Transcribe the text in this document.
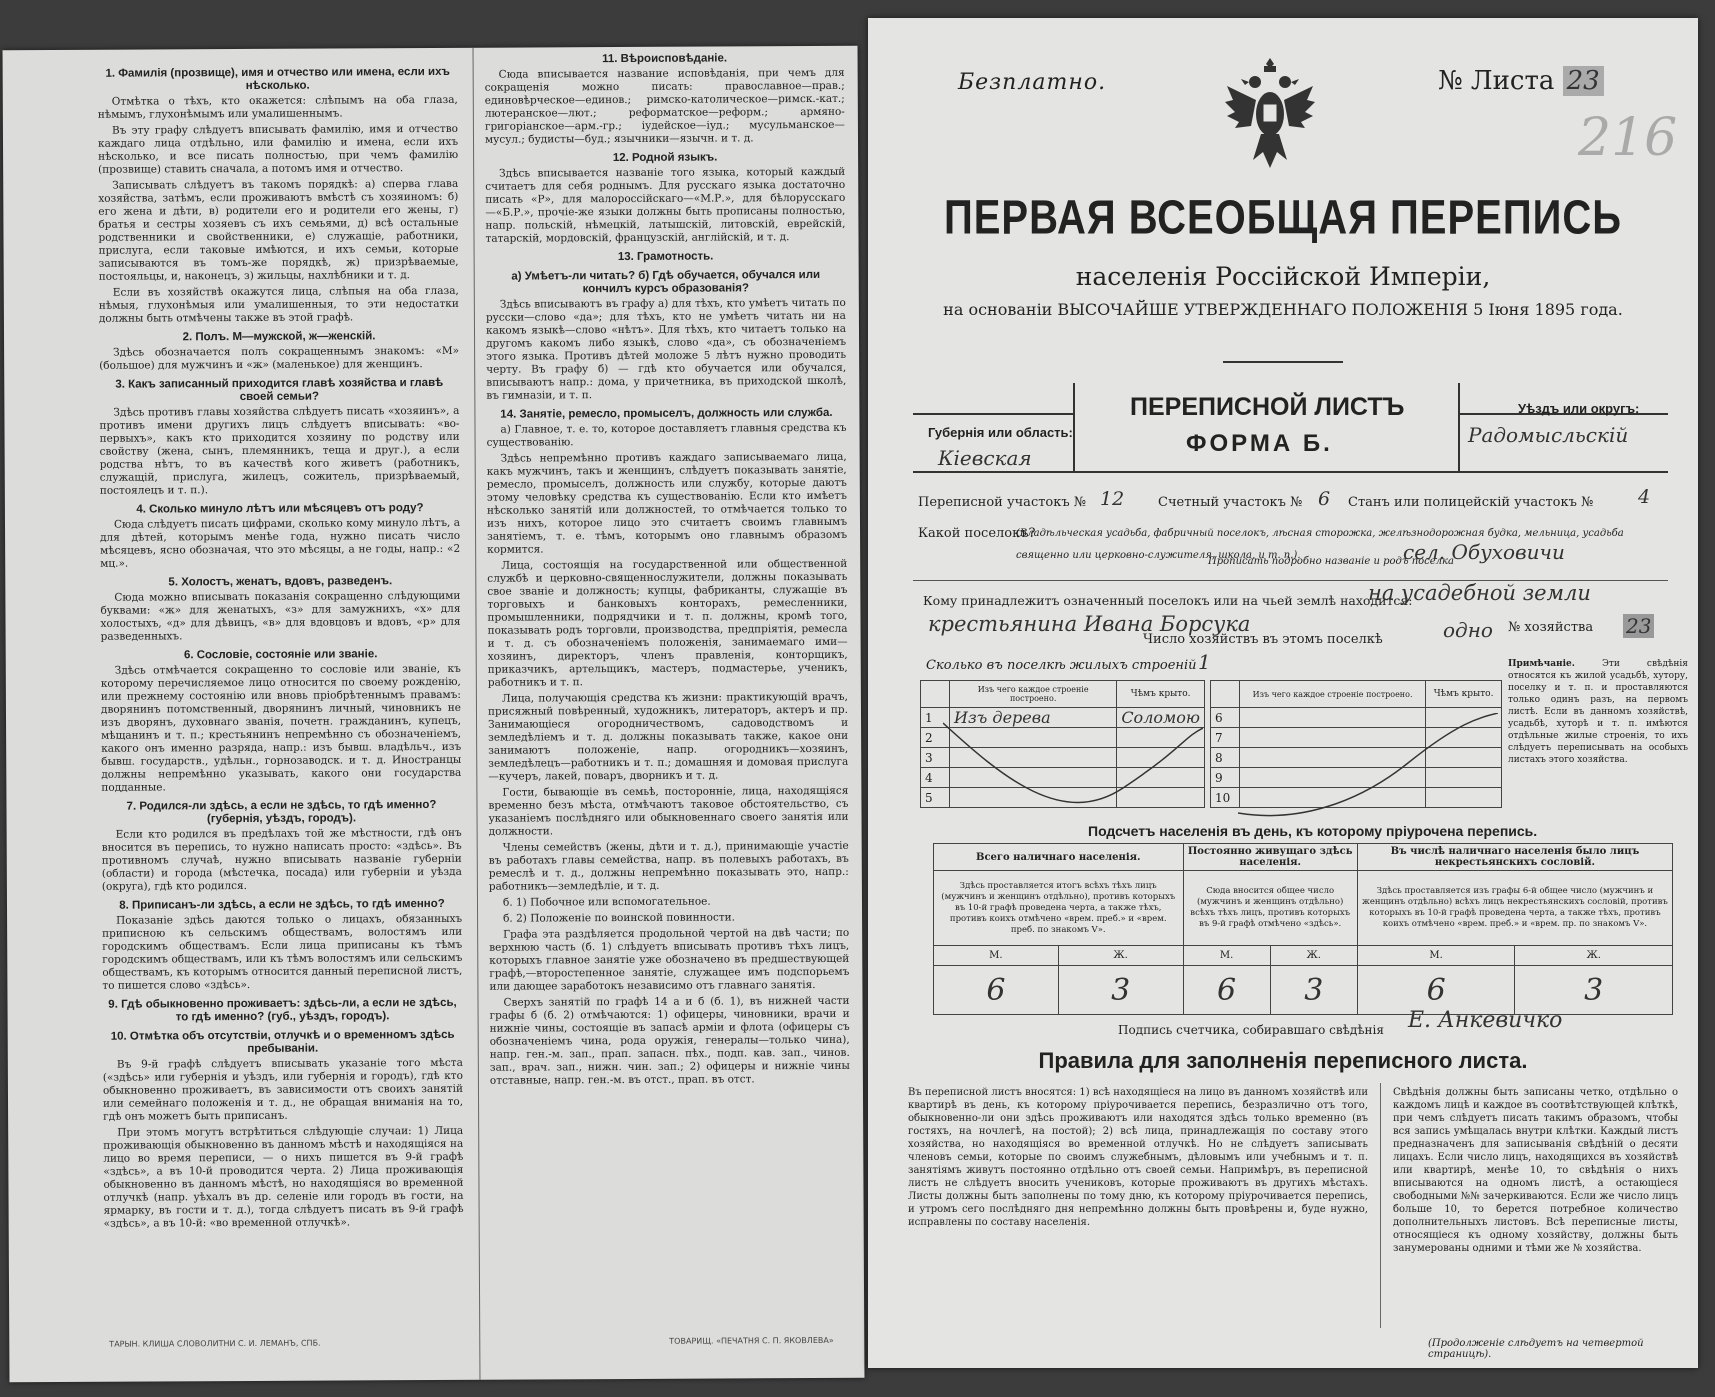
1. Фамилія (прозвище), имя и отчество или имена, если ихъ нѣсколько.

Отмѣтка о тѣхъ, кто окажется: слѣпымъ на оба глаза, нѣмымъ, глухонѣмымъ или умалишеннымъ.

Въ эту графу слѣдуетъ вписывать фамилію, имя и отчество каждаго лица отдѣльно, или фамилію и имена, если ихъ нѣсколько, и все писать полностью, при чемъ фамилію (прозвище) ставить сначала, а потомъ имя и отчество.

Записывать слѣдуетъ въ такомъ порядкѣ: а) сперва глава хозяйства, затѣмъ, если проживаютъ вмѣстѣ съ хозяиномъ: б) его жена и дѣти, в) родители его и родители его жены, г) братья и сестры хозяевъ съ ихъ семьями, д) всѣ остальные родственники и свойственники, е) служащіе, работники, прислуга, если таковые имѣются, и ихъ семьи, которые записываются въ томъ-же порядкѣ, ж) призрѣваемые, постояльцы, и, наконецъ, з) жильцы, нахлѣбники и т. д.

Если въ хозяйствѣ окажутся лица, слѣпыя на оба глаза, нѣмыя, глухонѣмыя или умалишенныя, то эти недостатки должны быть отмѣчены также въ этой графѣ.

2. Полъ. М—мужской, ж—женскій.

Здѣсь обозначается полъ сокращеннымъ знакомъ: «М» (большое) для мужчинъ и «ж» (маленькое) для женщинъ.

3. Какъ записанный приходится главѣ хозяйства и главѣ своей семьи?

Здѣсь противъ главы хозяйства слѣдуетъ писать «хозяинъ», а противъ имени другихъ лицъ слѣдуетъ вписывать: «во-первыхъ», какъ кто приходится хозяину по родству или свойству (жена, сынъ, племянникъ, теща и друг.), а если родства нѣтъ, то въ качествѣ кого живетъ (работникъ, служащій, прислуга, жилецъ, сожитель, призрѣваемый, постоялецъ и т. п.).

4. Сколько минуло лѣтъ или мѣсяцевъ отъ роду?

Сюда слѣдуетъ писать цифрами, сколько кому минуло лѣтъ, а для дѣтей, которымъ менѣе года, нужно писать число мѣсяцевъ, ясно обозначая, что это мѣсяцы, а не годы, напр.: «2 мц.».

5. Холостъ, женатъ, вдовъ, разведенъ.

Сюда можно вписывать показанія сокращенно слѣдующими буквами: «ж» для женатыхъ, «з» для замужнихъ, «х» для холостыхъ, «д» для дѣвицъ, «в» для вдовцовъ и вдовъ, «р» для разведенныхъ.

6. Сословіе, состояніе или званіе.

Здѣсь отмѣчается сокращенно то сословіе или званіе, къ которому перечисляемое лицо относится по своему рожденію, или прежнему состоянію или вновь пріобрѣтеннымъ правамъ: дворянинъ потомственный, дворянинъ личный, чиновникъ не изъ дворянъ, духовнаго званія, почетн. гражданинъ, купецъ, мѣщанинъ и т. п.; крестьянинъ непремѣнно съ обозначеніемъ, какого онъ именно разряда, напр.: изъ бывш. владѣльч., изъ бывш. государств., удѣльн., горнозаводск. и т. д. Иностранцы должны непремѣнно указывать, какого они государства подданные.

7. Родился-ли здѣсь, а если не здѣсь, то гдѣ именно? (губернія, уѣздъ, городъ).

Если кто родился въ предѣлахъ той же мѣстности, гдѣ онъ вносится въ перепись, то нужно написать просто: «здѣсь». Въ противномъ случаѣ, нужно вписывать названіе губерніи (области) и города (мѣстечка, посада) или губерніи и уѣзда (округа), гдѣ кто родился.

8. Приписанъ-ли здѣсь, а если не здѣсь, то гдѣ именно?

Показаніе здѣсь даются только о лицахъ, обязанныхъ приписною къ сельскимъ обществамъ, волостямъ или городскимъ обществамъ. Если лица приписаны къ тѣмъ городскимъ обществамъ, или къ тѣмъ волостямъ или сельскимъ обществамъ, къ которымъ относится данный переписной листъ, то пишется слово «здѣсь».

9. Гдѣ обыкновенно проживаетъ: здѣсь-ли, а если не здѣсь, то гдѣ именно? (губ., уѣздъ, городъ).
10. Отмѣтка объ отсутствіи, отлучкѣ и о временномъ здѣсь пребываніи.

Въ 9-й графѣ слѣдуетъ вписывать указаніе того мѣста («здѣсь» или губернія и уѣздъ, или губернія и городъ), гдѣ кто обыкновенно проживаетъ, въ зависимости отъ своихъ занятій или семейнаго положенія и т. д., не обращая вниманія на то, гдѣ онъ можетъ быть приписанъ.

При этомъ могутъ встрѣтиться слѣдующіе случаи: 1) Лица проживающія обыкновенно въ данномъ мѣстѣ и находящіяся на лицо во время переписи, — о нихъ пишется въ 9-й графѣ «здѣсь», а въ 10-й проводится черта. 2) Лица проживающія обыкновенно въ данномъ мѣстѣ, но находящіяся во временной отлучкѣ (напр. уѣхалъ въ др. селеніе или городъ въ гости, на ярмарку, въ гости и т. д.), тогда слѣдуетъ писать въ 9-й графѣ «здѣсь», а въ 10-й: «во временной отлучкѣ».

11. Вѣроисповѣданіе.

Сюда вписывается название исповѣданія, при чемъ для сокращенія можно писать: православное—прав.; единовѣрческое—единов.; римско-католическое—римск.-кат.; лютеранское—лют.; реформатское—реформ.; армяно-григоріанское—арм.-гр.; іудейское—іуд.; мусульманское—мусул.; будисты—буд.; язычники—язычн. и т. д.

12. Родной языкъ.

Здѣсь вписывается названіе того языка, который каждый считаетъ для себя роднымъ. Для русскаго языка достаточно писать «Р», для малороссійскаго—«М.Р.», для бѣлорусскаго—«Б.Р.», прочіе-же языки должны быть прописаны полностью, напр. польскій, нѣмецкій, латышскій, литовскій, еврейскій, татарскій, мордовскій, французскій, англійскій, и т. д.

13. Грамотность.
а) Умѣетъ-ли читать? б) Гдѣ обучается, обучался или кончилъ курсъ образованія?

Здѣсь вписываютъ въ графу а) для тѣхъ, кто умѣетъ читать по русски—слово «да»; для тѣхъ, кто не умѣетъ читать ни на какомъ языкѣ—слово «нѣтъ». Для тѣхъ, кто читаетъ только на другомъ какомъ либо языкѣ, слово «да», съ обозначеніемъ этого языка. Противъ дѣтей моложе 5 лѣтъ нужно проводить черту. Въ графу б) — гдѣ кто обучается или обучался, вписываютъ напр.: дома, у причетника, въ приходской школѣ, въ гимназіи, и т. п.

14. Занятіе, ремесло, промыселъ, должность или служба.

а) Главное, т. е. то, которое доставляетъ главныя средства къ существованію.

Здѣсь непремѣнно противъ каждаго записываемаго лица, какъ мужчинъ, такъ и женщинъ, слѣдуетъ показывать занятіе, ремесло, промыселъ, должность или службу, которые даютъ этому человѣку средства къ существованію. Если кто имѣетъ нѣсколько занятій или должностей, то отмѣчается только то изъ нихъ, которое лицо это считаетъ своимъ главнымъ занятіемъ, т. е. тѣмъ, которымъ оно главнымъ образомъ кормится.

Лица, состоящія на государственной или общественной службѣ и церковно-священнослужители, должны показывать свое званіе и должность; купцы, фабриканты, служащіе въ торговыхъ и банковыхъ конторахъ, ремесленники, промышленники, подрядчики и т. п. должны, кромѣ того, показывать родъ торговли, производства, предпріятія, ремесла и т. д. съ обозначеніемъ положенія, занимаемаго ими—хозяинъ, директоръ, членъ правленія, конторщикъ, приказчикъ, артельщикъ, мастеръ, подмастерье, ученикъ, работникъ и т. п.

Лица, получающія средства къ жизни: практикующій врачъ, присяжный повѣренный, художникъ, литераторъ, актеръ и пр. Занимающіеся огородничествомъ, садоводствомъ и земледѣліемъ и т. д. должны показывать также, какое они занимаютъ положеніе, напр. огородникъ—хозяинъ, земледѣлецъ—работникъ и т. п.; домашняя и домовая прислуга—кучеръ, лакей, поваръ, дворникъ и т. д.

Гости, бывающіе въ семьѣ, посторонніе, лица, находящіяся временно безъ мѣста, отмѣчаютъ таковое обстоятельство, съ указаніемъ послѣдняго или обыкновеннаго своего занятія или должности.

Члены семействъ (жены, дѣти и т. д.), принимающіе участіе въ работахъ главы семейства, напр. въ полевыхъ работахъ, въ ремеслѣ и т. д., должны непремѣнно показывать это, напр.: работникъ—земледѣліе, и т. д.

б. 1) Побочное или вспомогательное.

б. 2) Положеніе по воинской повинности.

Графа эта раздѣляется продольной чертой на двѣ части; по верхнюю часть (б. 1) слѣдуетъ вписывать противъ тѣхъ лицъ, которыхъ главное занятіе уже обозначено въ предшествующей графѣ,—второстепенное занятіе, служащее имъ подспорьемъ или дающее заработокъ независимо отъ главнаго занятія.

Сверхъ занятій по графѣ 14 а и б (б. 1), въ нижней части графы б (б. 2) отмѣчаются: 1) офицеры, чиновники, врачи и нижніе чины, состоящіе въ запасѣ арміи и флота (офицеры съ обозначеніемъ чина, рода оружія, генералы—только чина), напр. ген.-м. зап., прап. запасн. пѣх., подп. кав. зап., чинов. зап., врач. зап., нижн. чин. зап.; 2) офицеры и нижніе чины отставные, напр. ген.-м. въ отст., прап. въ отст.

ТАРЫН. КЛИША СЛОВОЛИТНИ С. И. ЛЕМАНЪ, СПБ.	ТОВАРИЩ. «ПЕЧАТНЯ С. П. ЯКОВЛЕВА»
Безплатно.	№ Листа 23
216
ПЕРВАЯ ВСЕОБЩАЯ ПЕРЕПИСЬ
населенія Россійской Имперіи,
на основаніи ВЫСОЧАЙШЕ УТВЕРЖДЕННАГО ПОЛОЖЕНІЯ 5 Іюня 1895 года.
ПЕРЕПИСНОЙ ЛИСТЪ
ФОРМА Б.
Губернія или область:
Кіевская
Уѣздъ или округъ:
Радомысльскій
Переписной участокъ № 12	Счетный участокъ № 6 Станъ или полицейскій участокъ № 4
Какой поселокъ?
(Владѣльческая усадьба, фабричный поселокъ, лѣсная сторожка, желѣзнодорожная будка, мельница, усадьба священно или церковно-служителя, школа, и т. п.).
Прописать подробно названіе и родъ поселка
сел. Обуховичи
Кому принадлежитъ означенный поселокъ или на чьей землѣ находится:
на усадебной земли
крестьянина Ивана Борсука
Число хозяйствъ въ этомъ поселкѣ	одно № хозяйства 23
Сколько въ поселкѣ жилыхъ строеній 1
	Изъ чего каждое строеніе построено.	Чѣмъ крыто.
1	Изъ дерева	Соломою
2		
3		
4		
5		
	Изъ чего каждое строеніе построено.	Чѣмъ крыто.
6		
7		
8		
9		
10		
Примѣчаніе.	Эти свѣдѣнія относятся къ жилой усадьбѣ, хутору, поселку и т. п. и проставляются только одинъ разъ, на первомъ листѣ. Если въ данномъ хозяйствѣ, усадьбѣ, хуторѣ и т. п. имѣются отдѣльные жилые строенія, то ихъ слѣдуетъ переписывать на особыхъ листахъ этого хозяйства.
Подсчетъ населенія въ день, къ которому пріурочена перепись.
Всего наличнаго населенія.		Постоянно живущаго здѣсь населенія.		Въ числѣ наличнаго населенія было лицъ некрестьянскихъ сословій.	
Здѣсь проставляется итогъ всѣхъ тѣхъ лицъ (мужчинъ и женщинъ отдѣльно), противъ которыхъ въ 10-й графѣ проведена черта, а также тѣхъ, противъ коихъ отмѣчено «врем. преб.» и «врем. преб. по знакомъ V».		Сюда вносится общее число (мужчинъ и женщинъ отдѣльно) всѣхъ тѣхъ лицъ, противъ которыхъ въ 9-й графѣ отмѣчено «здѣсь».		Здѣсь проставляется изъ графы 6-й общее число (мужчинъ и женщинъ отдѣльно) всѣхъ лицъ некрестьянскихъ сословій, противъ которыхъ въ 10-й графѣ проведена черта, а также тѣхъ, противъ коихъ отмѣчено «врем. преб.» и «врем. пр. по знакомъ V».	
М.	Ж.	М.	Ж.	М.	Ж.
6	3	6	3	6	3
Подпись счетчика, собиравшаго свѣдѣнія Е. Анкевичко
Правила для заполненія переписного листа.
Въ переписной листъ вносятся: 1) всѣ находящіеся на лицо въ данномъ хозяйствѣ или квартирѣ въ день, къ которому пріурочивается перепись, безразлично отъ того, обыкновенно-ли они здѣсь проживаютъ или находятся здѣсь только временно (въ гостяхъ, на ночлегѣ, на постой); 2) всѣ лица, принадлежащія по составу этого хозяйства, но находящіяся во временной отлучкѣ. Но не слѣдуетъ записывать членовъ семьи, которые по своимъ служебнымъ, дѣловымъ или учебнымъ и т. п. занятіямъ живутъ постоянно отдѣльно отъ своей семьи. Напримѣръ, въ переписной листъ не слѣдуетъ вносить учениковъ, которые проживаютъ въ другихъ мѣстахъ. Листы должны быть заполнены по тому дню, къ которому пріурочивается перепись, и утромъ сего послѣдняго дня непремѣнно должны быть провѣрены и, буде нужно, исправлены по составу населенія.
Свѣдѣнія должны быть записаны четко, отдѣльно о каждомъ лицѣ и каждое въ соотвѣтствующей клѣткѣ, при чемъ слѣдуетъ писать такимъ образомъ, чтобы вся запись умѣщалась внутри клѣтки. Каждый листъ предназначенъ для записыванія свѣдѣній о десяти лицахъ. Если число лицъ, находящихся въ хозяйствѣ или квартирѣ, менѣе 10, то свѣдѣнія о нихъ вписываются на одномъ листѣ, а остающіеся свободными №№ зачеркиваются. Если же число лицъ больше 10, то берется потребное количество дополнительныхъ листовъ. Всѣ переписные листы, относящіеся къ одному хозяйству, должны быть занумерованы одними и тѣми же № хозяйства.
(Продолженіе слѣдуетъ на четвертой страницѣ).
